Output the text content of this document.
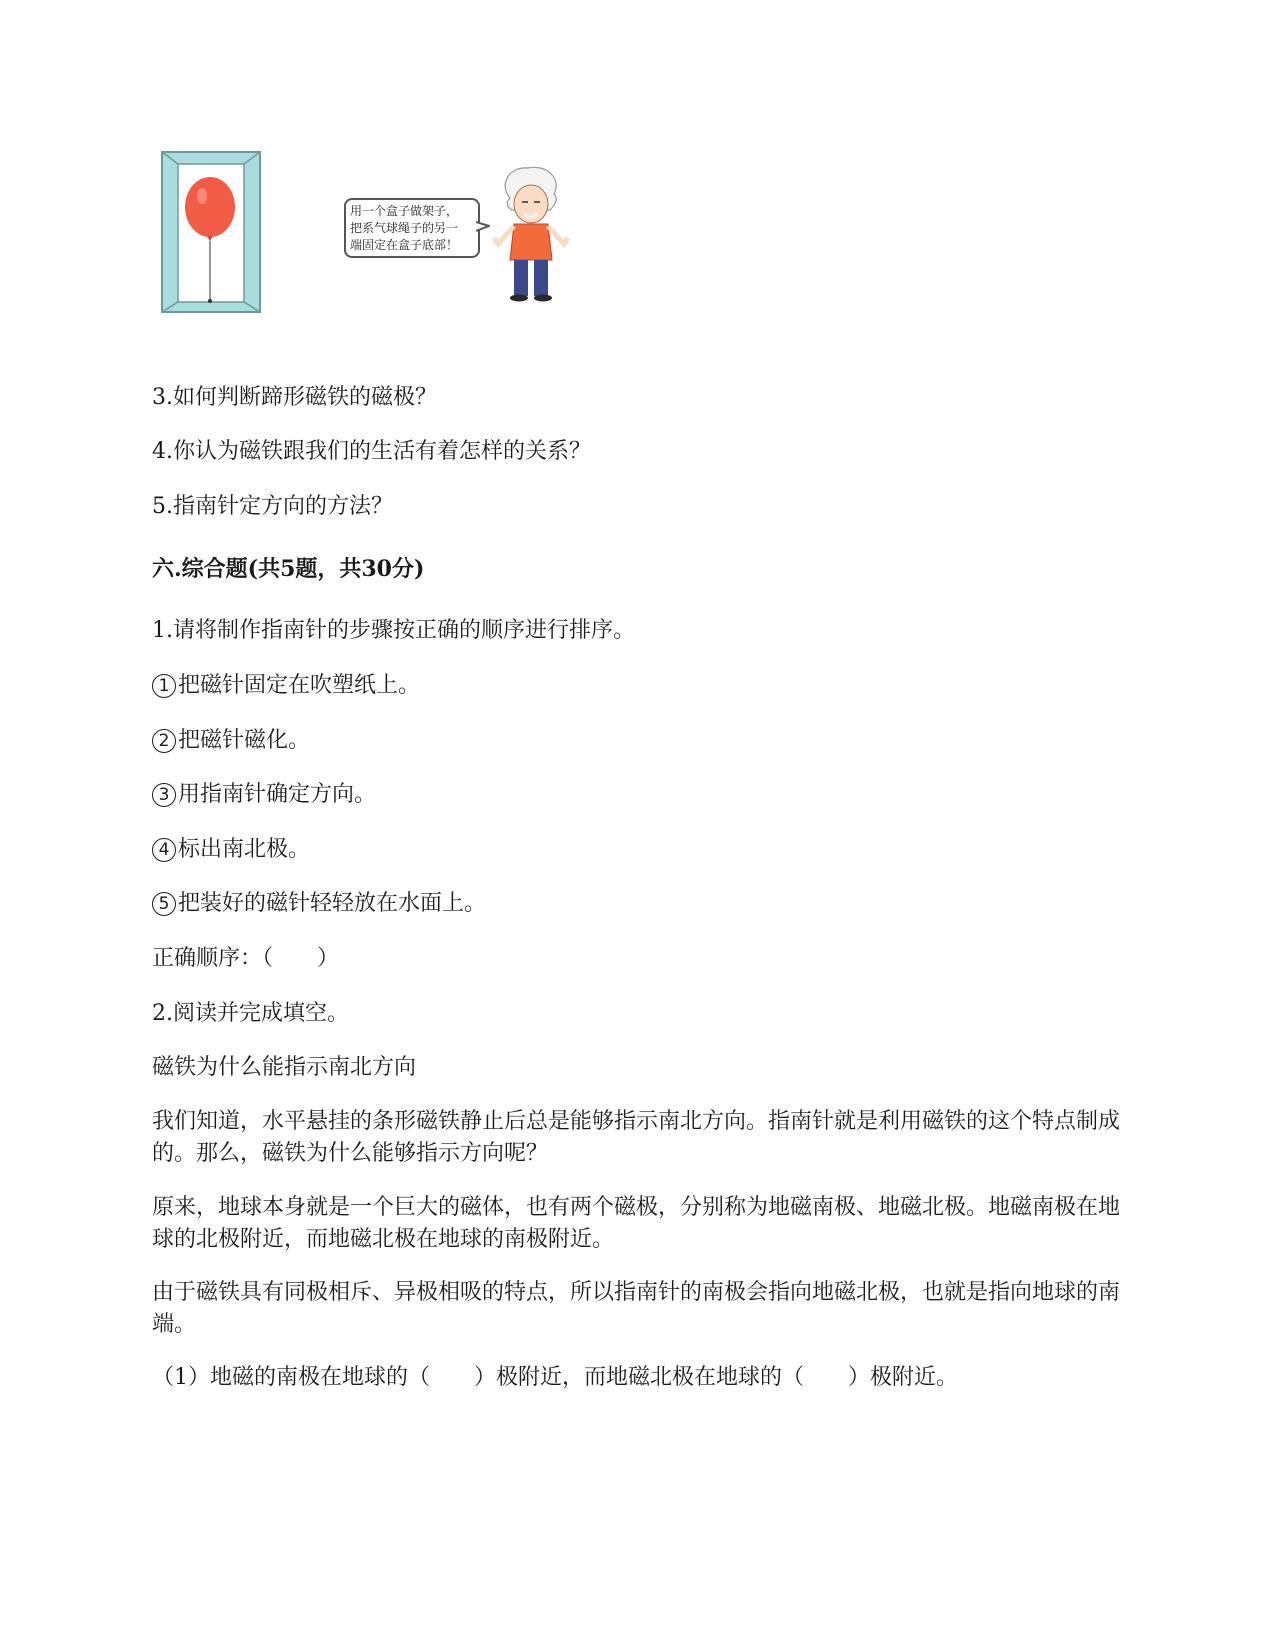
用一个盒子做架子，
把系气球绳子的另一
端固定在盒子底部！

3.如何判断蹄形磁铁的磁极？

4.你认为磁铁跟我们的生活有着怎样的关系？

5.指南针定方向的方法？

六.综合题(共5题，共30分)

1.请将制作指南针的步骤按正确的顺序进行排序。

1 把磁针固定在吹塑纸上。

2 把磁针磁化。

3 用指南针确定方向。

4 标出南北极。

5 把装好的磁针轻轻放在水面上。

正确顺序：（　　）

2.阅读并完成填空。

磁铁为什么能指示南北方向

我们知道，水平悬挂的条形磁铁静止后总是能够指示南北方向。指南针就是利用磁铁的这个特点制成的。那么，磁铁为什么能够指示方向呢？

原来，地球本身就是一个巨大的磁体，也有两个磁极，分别称为地磁南极、地磁北极。地磁南极在地球的北极附近，而地磁北极在地球的南极附近。

由于磁铁具有同极相斥、异极相吸的特点，所以指南针的南极会指向地磁北极，也就是指向地球的南端。

（1）地磁的南极在地球的（　　）极附近，而地磁北极在地球的（　　）极附近。
